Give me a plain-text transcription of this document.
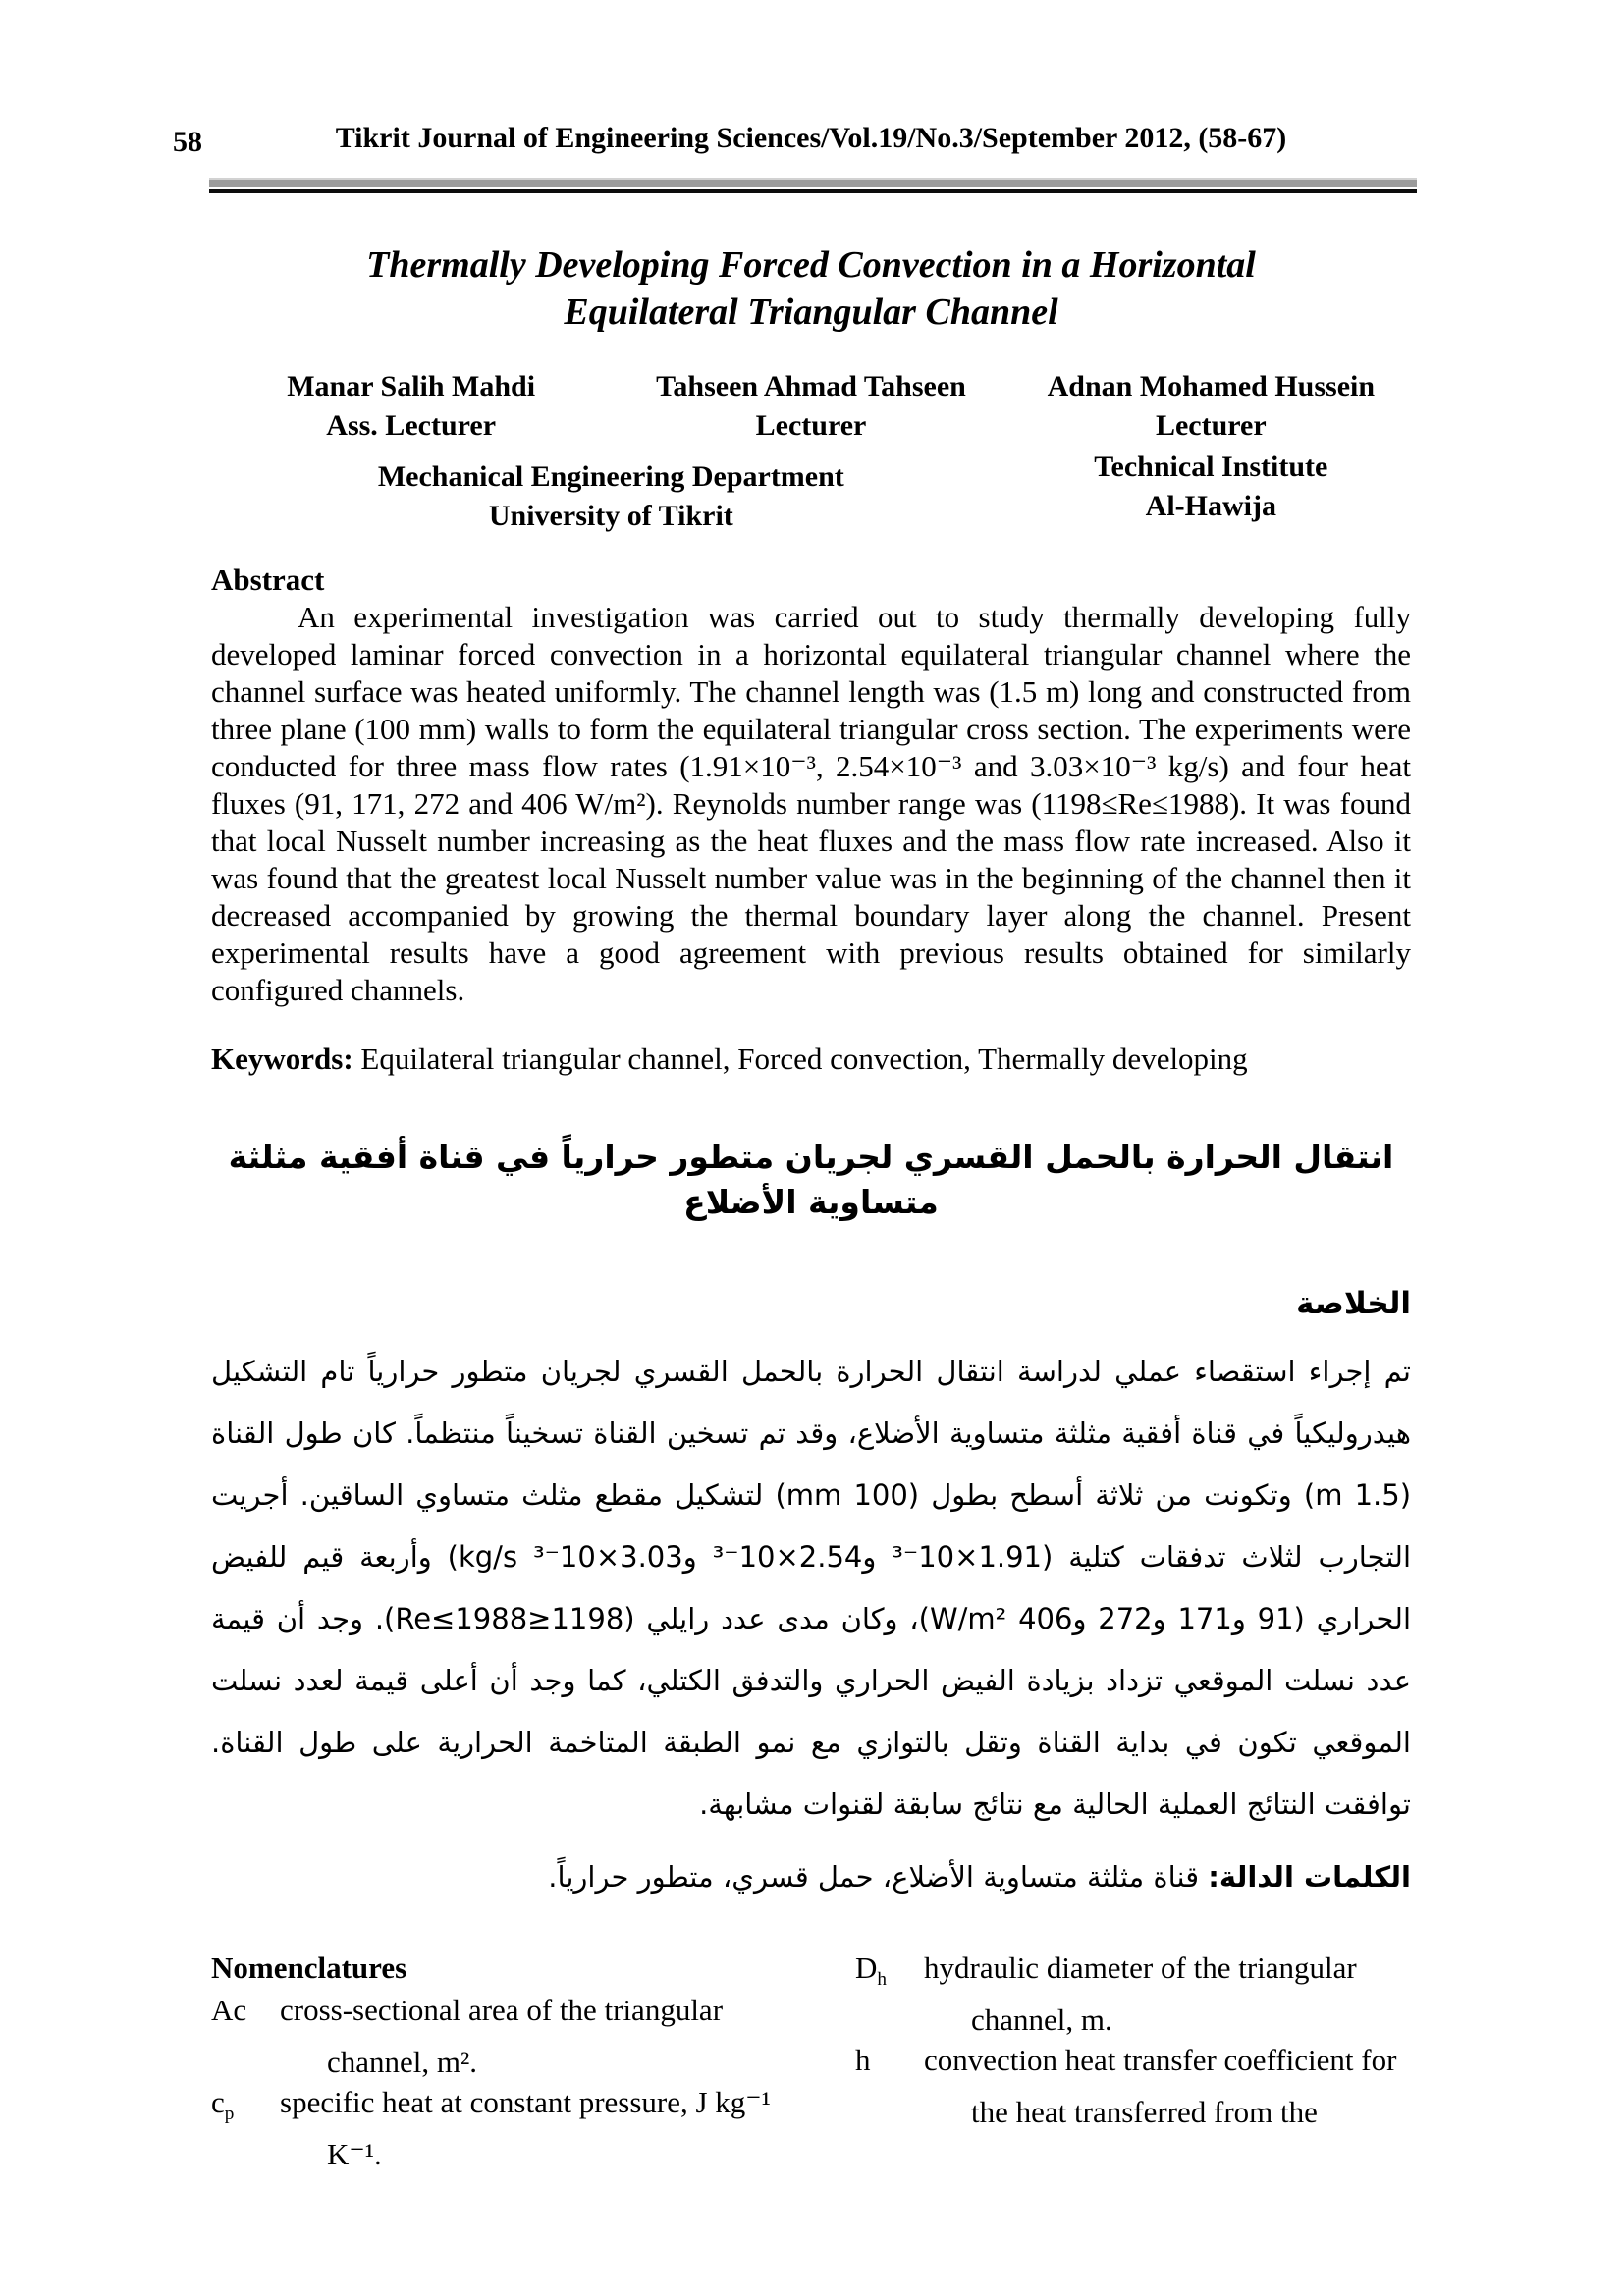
58	Tikrit Journal of Engineering Sciences/Vol.19/No.3/September 2012, (58-67)
Thermally Developing Forced Convection in a Horizontal
Equilateral Triangular Channel
Manar Salih Mahdi
Ass. Lecturer
Tahseen Ahmad Tahseen
Lecturer
Adnan Mohamed Hussein
Lecturer
Mechanical Engineering Department
University of Tikrit
Technical Institute
Al-Hawija
Abstract

An experimental investigation was carried out to study thermally developing fully developed laminar forced convection in a horizontal equilateral triangular channel where the channel surface was heated uniformly. The channel length was (1.5 m) long and constructed from three plane (100 mm) walls to form the equilateral triangular cross section. The experiments were conducted for three mass flow rates (1.91×10⁻³, 2.54×10⁻³ and 3.03×10⁻³ kg/s) and four heat fluxes (91, 171, 272 and 406 W/m²). Reynolds number range was (1198≤Re≤1988). It was found that local Nusselt number increasing as the heat fluxes and the mass flow rate increased. Also it was found that the greatest local Nusselt number value was in the beginning of the channel then it decreased accompanied by growing the thermal boundary layer along the channel. Present experimental results have a good agreement with previous results obtained for similarly configured channels.

Keywords: Equilateral triangular channel, Forced convection, Thermally developing

انتقال الحرارة بالحمل القسري لجريان متطور حرارياً في قناة أفقية مثلثة متساوية الأضلاع
الخلاصة

تم إجراء استقصاء عملي لدراسة انتقال الحرارة بالحمل القسري لجريان متطور حرارياً تام التشكيل هيدروليكياً في قناة أفقية مثلثة متساوية الأضلاع، وقد تم تسخين القناة تسخيناً منتظماً. كان طول القناة (1.5 m) وتكونت من ثلاثة أسطح بطول (100 mm) لتشكيل مقطع مثلث متساوي الساقين. أجريت التجارب لثلاث تدفقات كتلية (1.91×10⁻³ و2.54×10⁻³ و3.03×10⁻³ kg/s) وأربعة قيم للفيض الحراري (91 و171 و272 و406 W/m²)، وكان مدى عدد رايلي (1198≤Re≤1988). وجد أن قيمة عدد نسلت الموقعي تزداد بزيادة الفيض الحراري والتدفق الكتلي، كما وجد أن أعلى قيمة لعدد نسلت الموقعي تكون في بداية القناة وتقل بالتوازي مع نمو الطبقة المتاخمة الحرارية على طول القناة. توافقت النتائج العملية الحالية مع نتائج سابقة لقنوات مشابهة.

الكلمات الدالة: قناة مثلثة متساوية الأضلاع، حمل قسري، متطور حرارياً.

Nomenclatures

Ac cross-sectional area of the triangular channel, m².

$c_p$ specific heat at constant pressure, J kg⁻¹ K⁻¹.

$D_h$ hydraulic diameter of the triangular channel, m.

h convection heat transfer coefficient for the heat transferred from the
